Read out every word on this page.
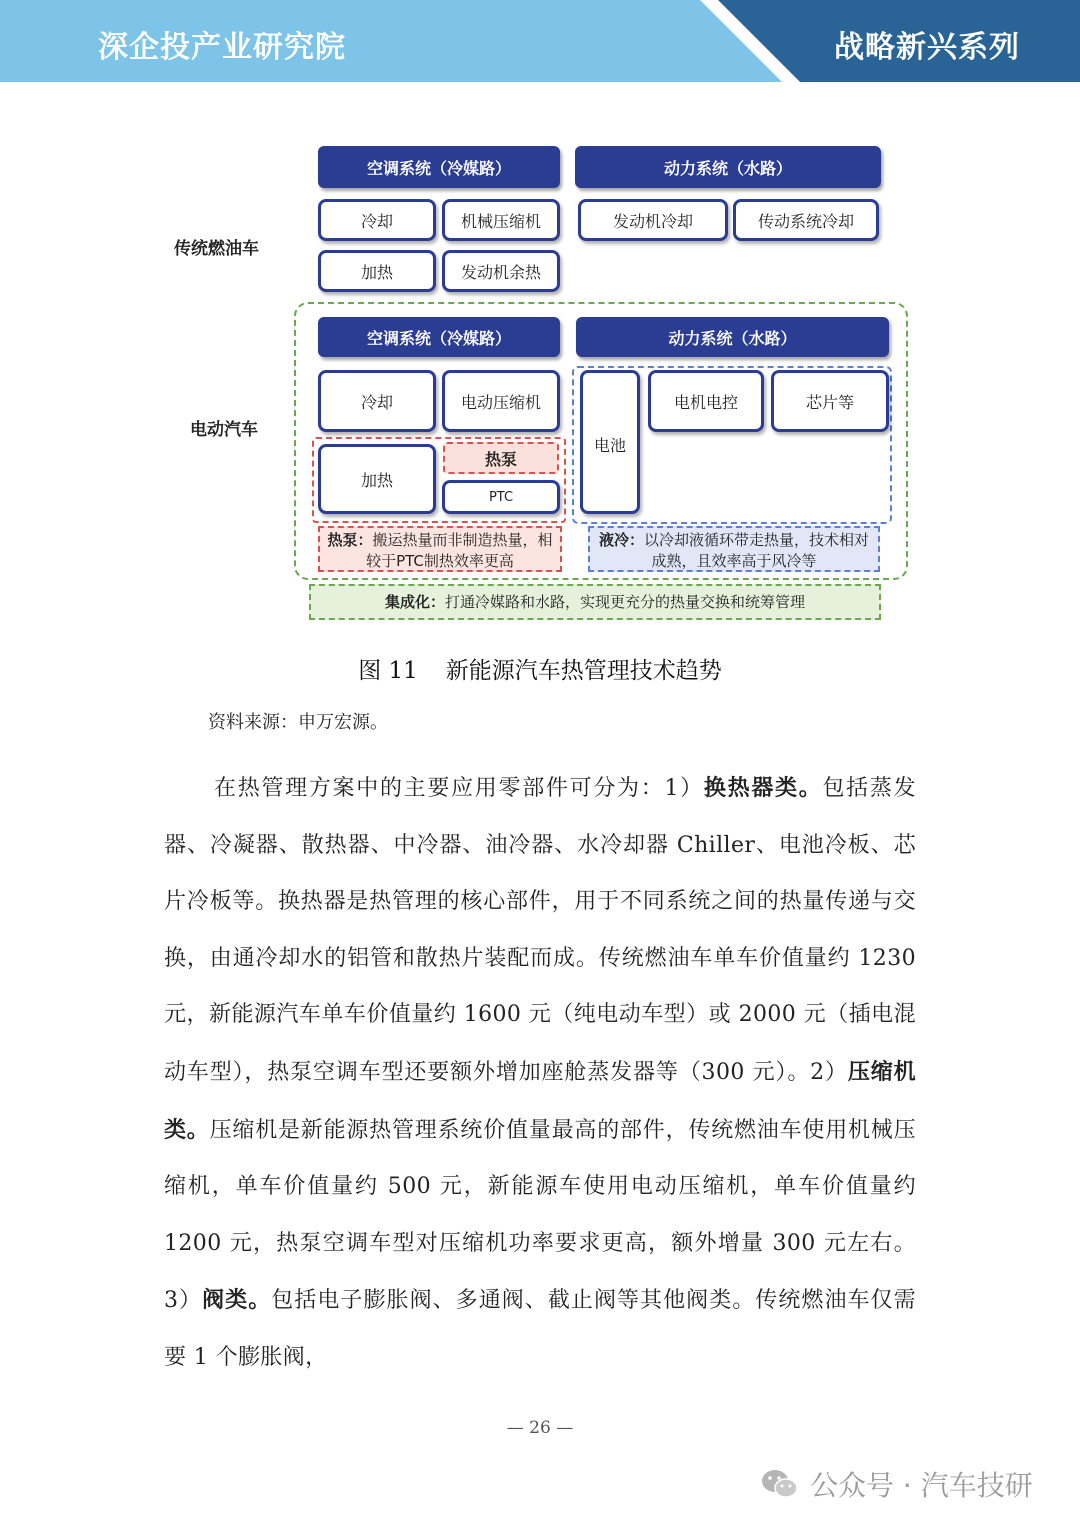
深企投产业研究院	战略新兴系列
传统燃油车
空调系统（冷媒路）	动力系统（水路）
冷却	机械压缩机
加热	发动机余热
发动机冷却	传动系统冷却
电动汽车
空调系统（冷媒路）	动力系统（水路）
冷却	电动压缩机
加热
热泵
PTC
电池
电机电控	芯片等
热泵：搬运热量而非制造热量，相较于PTC制热效率更高
液冷：以冷却液循环带走热量，技术相对成熟，且效率高于风冷等
集成化： 打通冷媒路和水路，实现更充分的热量交换和统筹管理
图 11 新能源汽车热管理技术趋势
资料来源：申万宏源。
在热管理方案中的主要应用零部件可分为：1）换热器类。包括蒸发器、冷凝器、散热器、中冷器、油冷器、水冷却器 Chiller、电池冷板、芯片冷板等。换热器是热管理的核心部件，用于不同系统之间的热量传递与交换，由通冷却水的铝管和散热片装配而成。传统燃油车单车价值量约 1230 元，新能源汽车单车价值量约 1600 元（纯电动车型）或 2000 元（插电混动车型），热泵空调车型还要额外增加座舱蒸发器等（300 元）。2）压缩机类。压缩机是新能源热管理系统价值量最高的部件，传统燃油车使用机械压缩机，单车价值量约 500 元，新能源车使用电动压缩机，单车价值量约 1200 元，热泵空调车型对压缩机功率要求更高，额外增量 300 元左右。3）阀类。包括电子膨胀阀、多通阀、截止阀等其他阀类。传统燃油车仅需要 1 个膨胀阀，
— 26 —
公众号 · 汽车技研
